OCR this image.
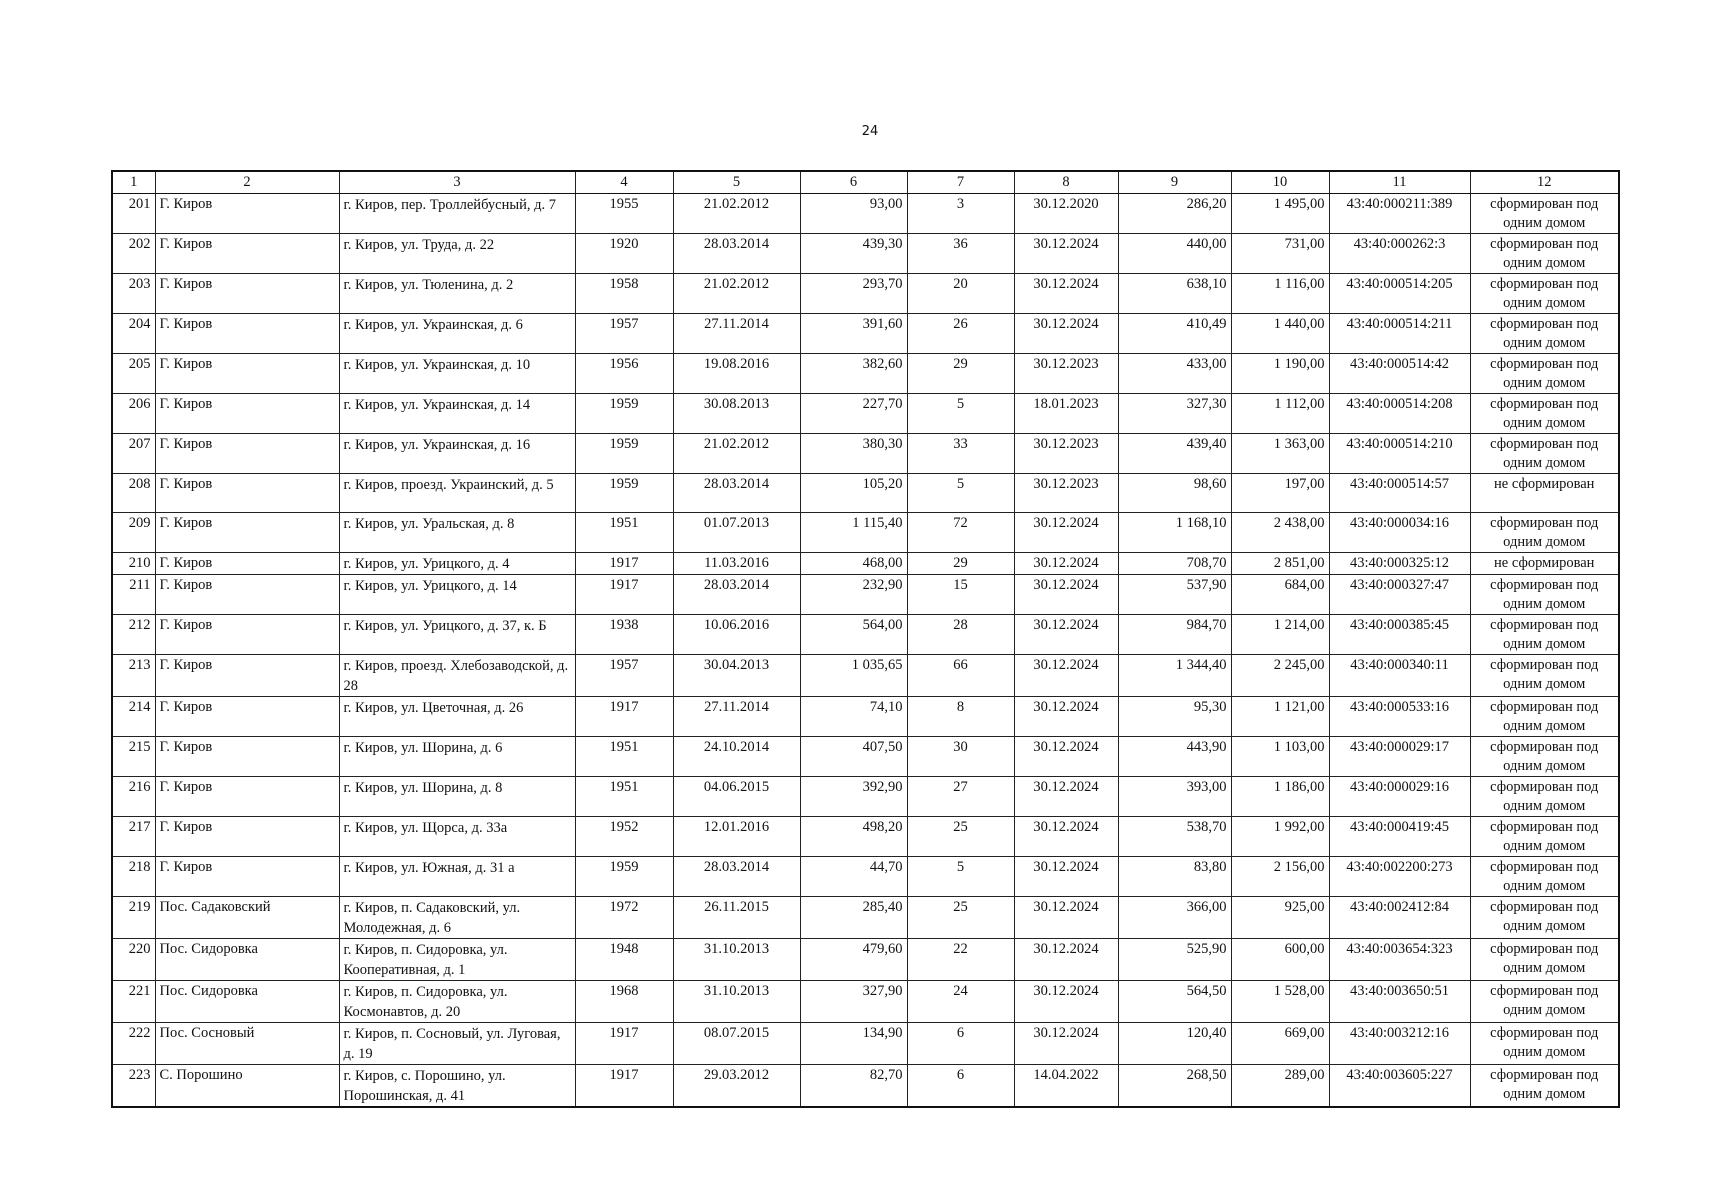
24
1	2	3	4	5	6	7	8	9	10	11	12
201	Г. Киров	г. Киров, пер. Троллейбусный, д. 7	1955	21.02.2012	93,00	3	30.12.2020	286,20	1 495,00	43:40:000211:389	сформирован под одним домом
202	Г. Киров	г. Киров, ул. Труда, д. 22	1920	28.03.2014	439,30	36	30.12.2024	440,00	731,00	43:40:000262:3	сформирован под одним домом
203	Г. Киров	г. Киров, ул. Тюленина, д. 2	1958	21.02.2012	293,70	20	30.12.2024	638,10	1 116,00	43:40:000514:205	сформирован под одним домом
204	Г. Киров	г. Киров, ул. Украинская, д. 6	1957	27.11.2014	391,60	26	30.12.2024	410,49	1 440,00	43:40:000514:211	сформирован под одним домом
205	Г. Киров	г. Киров, ул. Украинская, д. 10	1956	19.08.2016	382,60	29	30.12.2023	433,00	1 190,00	43:40:000514:42	сформирован под одним домом
206	Г. Киров	г. Киров, ул. Украинская, д. 14	1959	30.08.2013	227,70	5	18.01.2023	327,30	1 112,00	43:40:000514:208	сформирован под одним домом
207	Г. Киров	г. Киров, ул. Украинская, д. 16	1959	21.02.2012	380,30	33	30.12.2023	439,40	1 363,00	43:40:000514:210	сформирован под одним домом
208	Г. Киров	г. Киров, проезд. Украинский, д. 5	1959	28.03.2014	105,20	5	30.12.2023	98,60	197,00	43:40:000514:57	не сформирован
209	Г. Киров	г. Киров, ул. Уральская, д. 8	1951	01.07.2013	1 115,40	72	30.12.2024	1 168,10	2 438,00	43:40:000034:16	сформирован под одним домом
210	Г. Киров	г. Киров, ул. Урицкого, д. 4	1917	11.03.2016	468,00	29	30.12.2024	708,70	2 851,00	43:40:000325:12	не сформирован
211	Г. Киров	г. Киров, ул. Урицкого, д. 14	1917	28.03.2014	232,90	15	30.12.2024	537,90	684,00	43:40:000327:47	сформирован под одним домом
212	Г. Киров	г. Киров, ул. Урицкого, д. 37, к. Б	1938	10.06.2016	564,00	28	30.12.2024	984,70	1 214,00	43:40:000385:45	сформирован под одним домом
213	Г. Киров	г. Киров, проезд. Хлебозаводской, д. 28	1957	30.04.2013	1 035,65	66	30.12.2024	1 344,40	2 245,00	43:40:000340:11	сформирован под одним домом
214	Г. Киров	г. Киров, ул. Цветочная, д. 26	1917	27.11.2014	74,10	8	30.12.2024	95,30	1 121,00	43:40:000533:16	сформирован под одним домом
215	Г. Киров	г. Киров, ул. Шорина, д. 6	1951	24.10.2014	407,50	30	30.12.2024	443,90	1 103,00	43:40:000029:17	сформирован под одним домом
216	Г. Киров	г. Киров, ул. Шорина, д. 8	1951	04.06.2015	392,90	27	30.12.2024	393,00	1 186,00	43:40:000029:16	сформирован под одним домом
217	Г. Киров	г. Киров, ул. Щорса, д. 33а	1952	12.01.2016	498,20	25	30.12.2024	538,70	1 992,00	43:40:000419:45	сформирован под одним домом
218	Г. Киров	г. Киров, ул. Южная, д. 31 а	1959	28.03.2014	44,70	5	30.12.2024	83,80	2 156,00	43:40:002200:273	сформирован под одним домом
219	Пос. Садаковский	г. Киров, п. Садаковский, ул. Молодежная, д. 6	1972	26.11.2015	285,40	25	30.12.2024	366,00	925,00	43:40:002412:84	сформирован под одним домом
220	Пос. Сидоровка	г. Киров, п. Сидоровка, ул. Кооперативная, д. 1	1948	31.10.2013	479,60	22	30.12.2024	525,90	600,00	43:40:003654:323	сформирован под одним домом
221	Пос. Сидоровка	г. Киров, п. Сидоровка, ул. Космонавтов, д. 20	1968	31.10.2013	327,90	24	30.12.2024	564,50	1 528,00	43:40:003650:51	сформирован под одним домом
222	Пос. Сосновый	г. Киров, п. Сосновый, ул. Луговая, д. 19	1917	08.07.2015	134,90	6	30.12.2024	120,40	669,00	43:40:003212:16	сформирован под одним домом
223	С. Порошино	г. Киров, с. Порошино, ул. Порошинская, д. 41	1917	29.03.2012	82,70	6	14.04.2022	268,50	289,00	43:40:003605:227	сформирован под одним домом
